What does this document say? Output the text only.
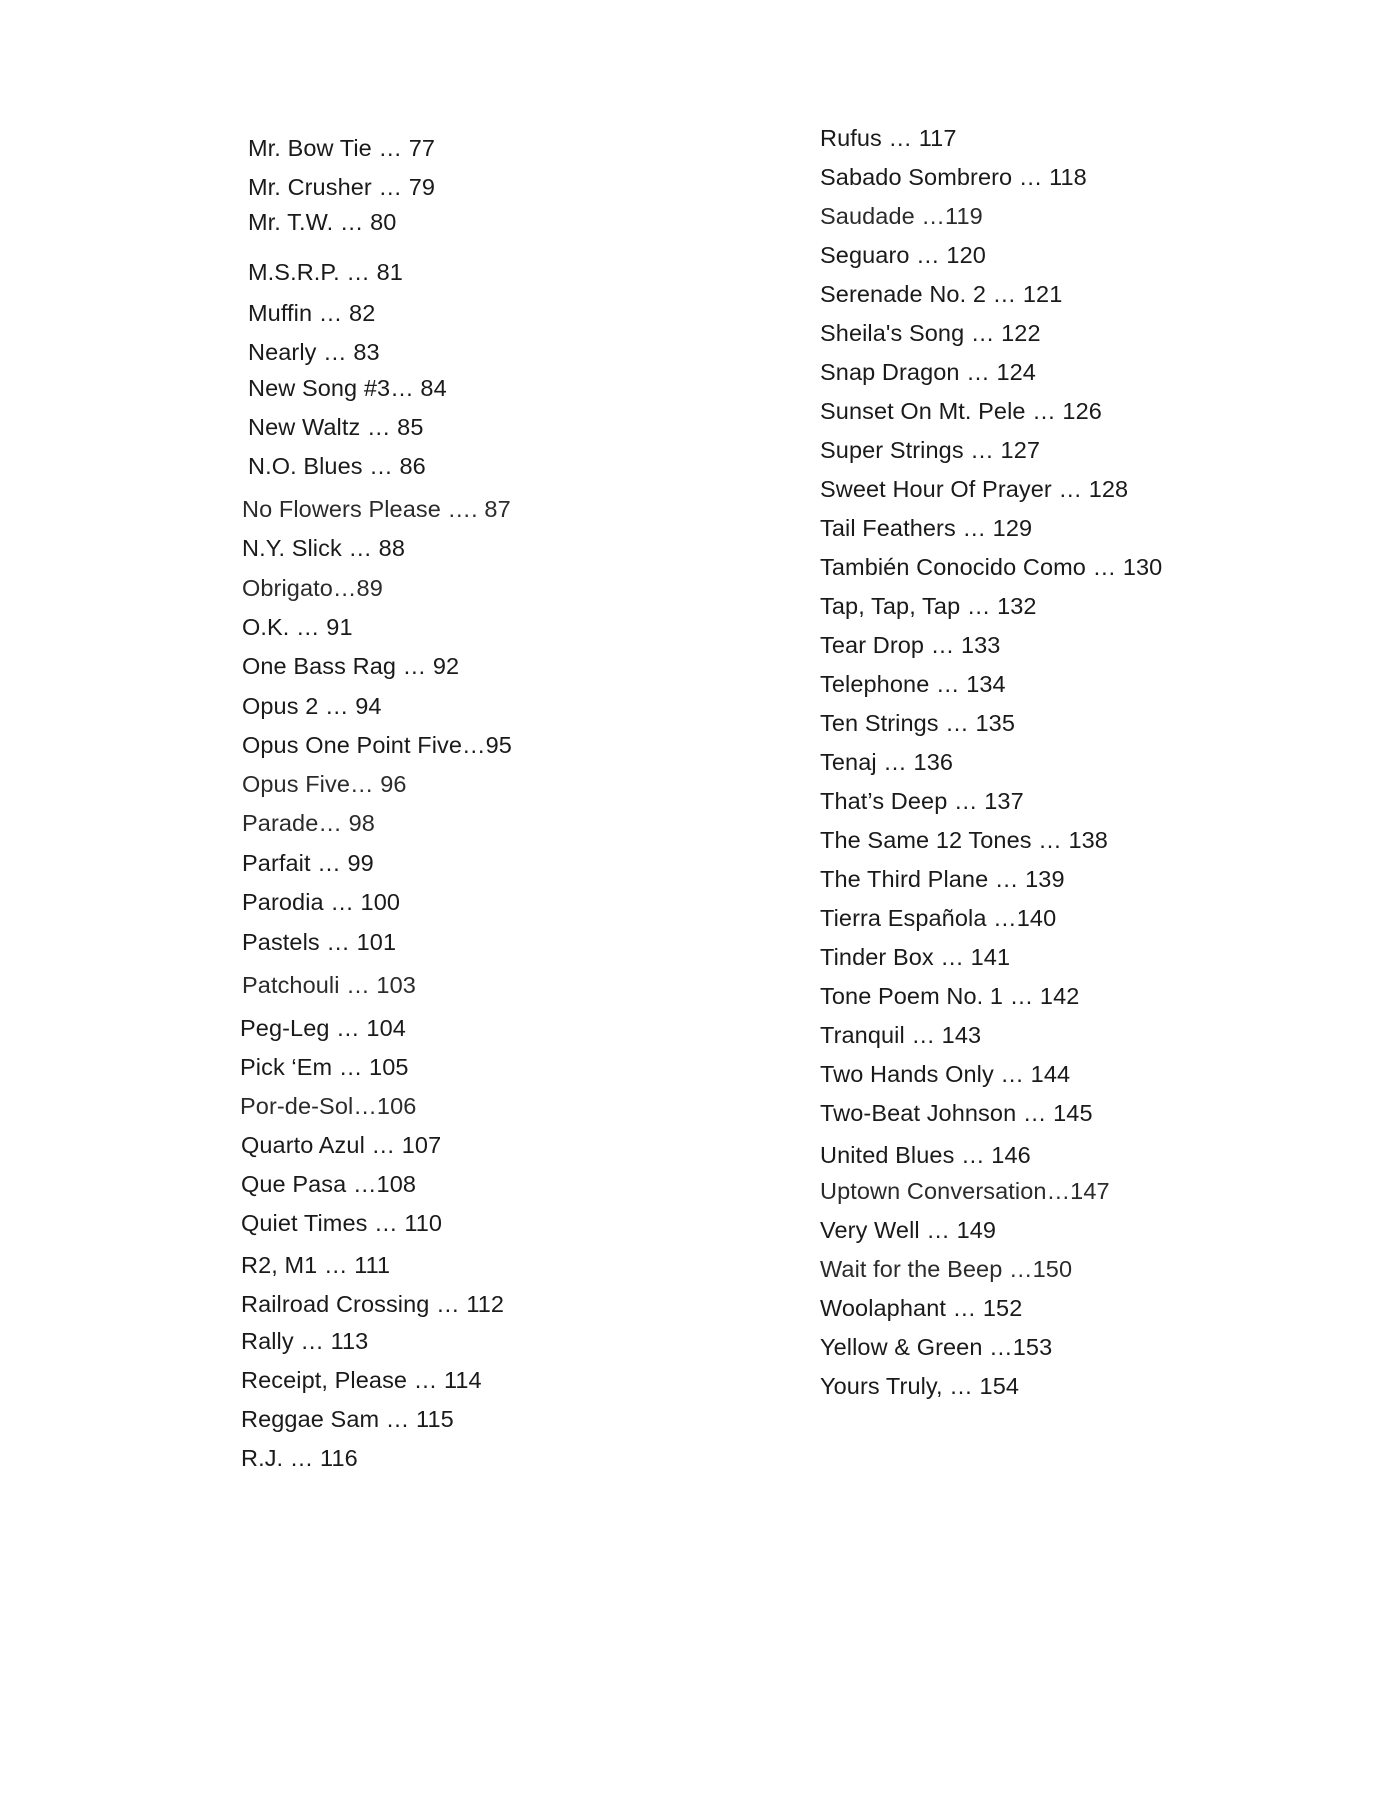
Mr. Bow Tie … 77
Mr. Crusher … 79
Mr. T.W. … 80
M.S.R.P. … 81
Muffin … 82
Nearly … 83
New Song #3… 84
New Waltz … 85
N.O. Blues … 86
No Flowers Please …. 87
N.Y. Slick … 88
Obrigato…89
O.K. … 91
One Bass Rag … 92
Opus 2 … 94
Opus One Point Five…95
Opus Five… 96
Parade… 98
Parfait … 99
Parodia … 100
Pastels … 101
Patchouli … 103
Peg-Leg … 104
Pick ‘Em … 105
Por-de-Sol…106
Quarto Azul … 107
Que Pasa …108
Quiet Times … 110
R2, M1 … 111
Railroad Crossing … 112
Rally … 113
Receipt, Please … 114
Reggae Sam … 115
R.J. … 116
Rufus … 117
Sabado Sombrero … 118
Saudade …119
Seguaro … 120
Serenade No. 2 … 121
Sheila's Song … 122
Snap Dragon … 124
Sunset On Mt. Pele … 126
Super Strings … 127
Sweet Hour Of Prayer … 128
Tail Feathers … 129
También Conocido Como … 130
Tap, Tap, Tap … 132
Tear Drop … 133
Telephone … 134
Ten Strings … 135
Tenaj … 136
That’s Deep … 137
The Same 12 Tones … 138
The Third Plane … 139
Tierra Española …140
Tinder Box … 141
Tone Poem No. 1 … 142
Tranquil … 143
Two Hands Only … 144
Two-Beat Johnson … 145
United Blues … 146
Uptown Conversation…147
Very Well … 149
Wait for the Beep …150
Woolaphant … 152
Yellow & Green …153
Yours Truly, … 154
